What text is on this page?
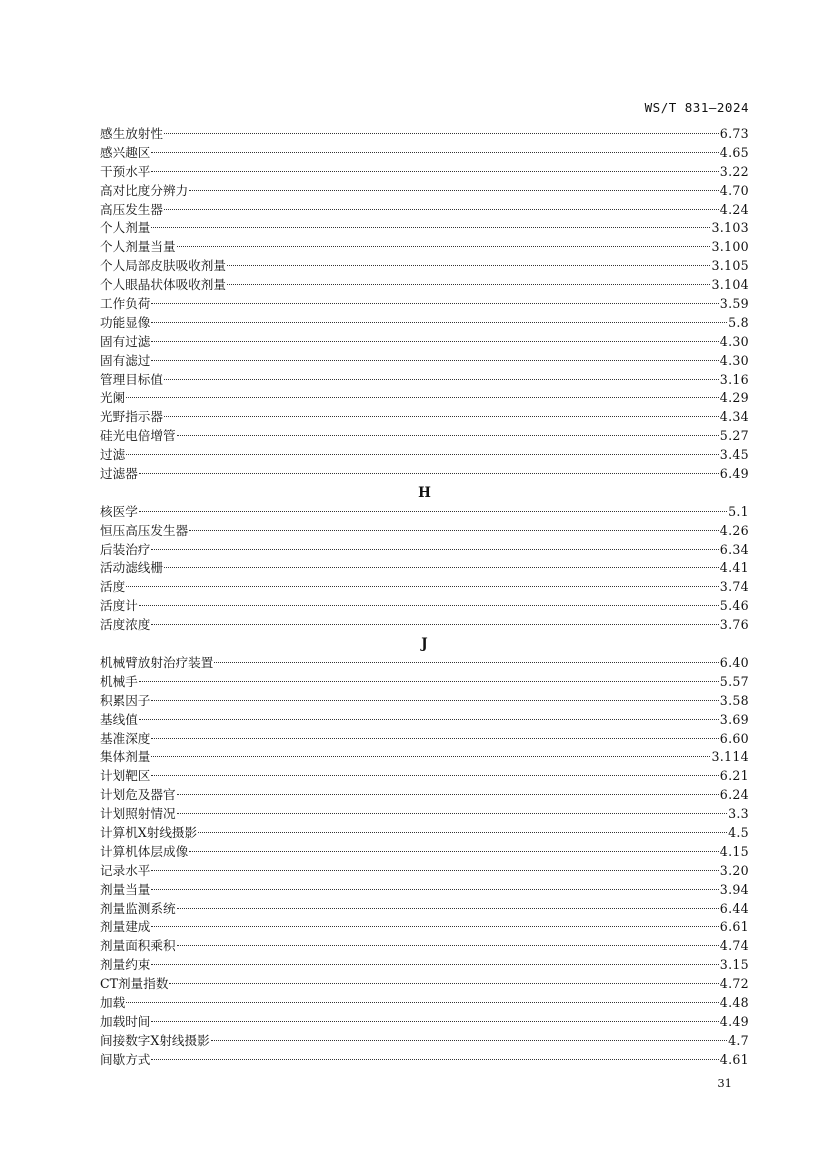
WS/T 831—2024
感生放射性	6.73
感兴趣区	4.65
干预水平	3.22
高对比度分辨力	4.70
高压发生器	4.24
个人剂量	3.103
个人剂量当量	3.100
个人局部皮肤吸收剂量	3.105
个人眼晶状体吸收剂量	3.104
工作负荷	3.59
功能显像	5.8
固有过滤	4.30
固有滤过	4.30
管理目标值	3.16
光阑	4.29
光野指示器	4.34
硅光电倍增管	5.27
过滤	3.45
过滤器	6.49
H
核医学	5.1
恒压高压发生器	4.26
后装治疗	6.34
活动滤线栅	4.41
活度	3.74
活度计	5.46
活度浓度	3.76
J
机械臂放射治疗装置	6.40
机械手	5.57
积累因子	3.58
基线值	3.69
基准深度	6.60
集体剂量	3.114
计划靶区	6.21
计划危及器官	6.24
计划照射情况	3.3
计算机X射线摄影	4.5
计算机体层成像	4.15
记录水平	3.20
剂量当量	3.94
剂量监测系统	6.44
剂量建成	6.61
剂量面积乘积	4.74
剂量约束	3.15
CT剂量指数	4.72
加载	4.48
加载时间	4.49
间接数字X射线摄影	4.7
间歇方式	4.61
31
